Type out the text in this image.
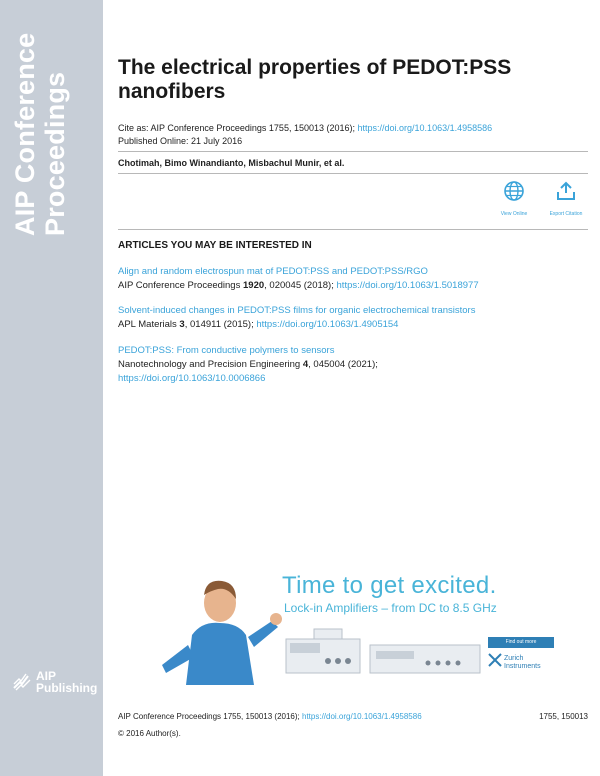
AIP Conference Proceedings
AIP
Publishing
The electrical properties of PEDOT:PSS nanofibers
Cite as: AIP Conference Proceedings 1755, 150013 (2016); https://doi.org/10.1063/1.4958586
Published Online: 21 July 2016
Chotimah, Bimo Winandianto, Misbachul Munir, et al.
View Online	Export Citation
ARTICLES YOU MAY BE INTERESTED IN
Align and random electrospun mat of PEDOT:PSS and PEDOT:PSS/RGO
AIP Conference Proceedings 1920, 020045 (2018); https://doi.org/10.1063/1.5018977
Solvent-induced changes in PEDOT:PSS films for organic electrochemical transistors
APL Materials 3, 014911 (2015); https://doi.org/10.1063/1.4905154
PEDOT:PSS: From conductive polymers to sensors
Nanotechnology and Precision Engineering 4, 045004 (2021); https://doi.org/10.1063/10.0006866
Time to get excited.
Lock-in Amplifiers – from DC to 8.5 GHz
Find out more
Zurich
Instruments
AIP Conference Proceedings 1755, 150013 (2016); https://doi.org/10.1063/1.4958586	1755, 150013
© 2016 Author(s).
